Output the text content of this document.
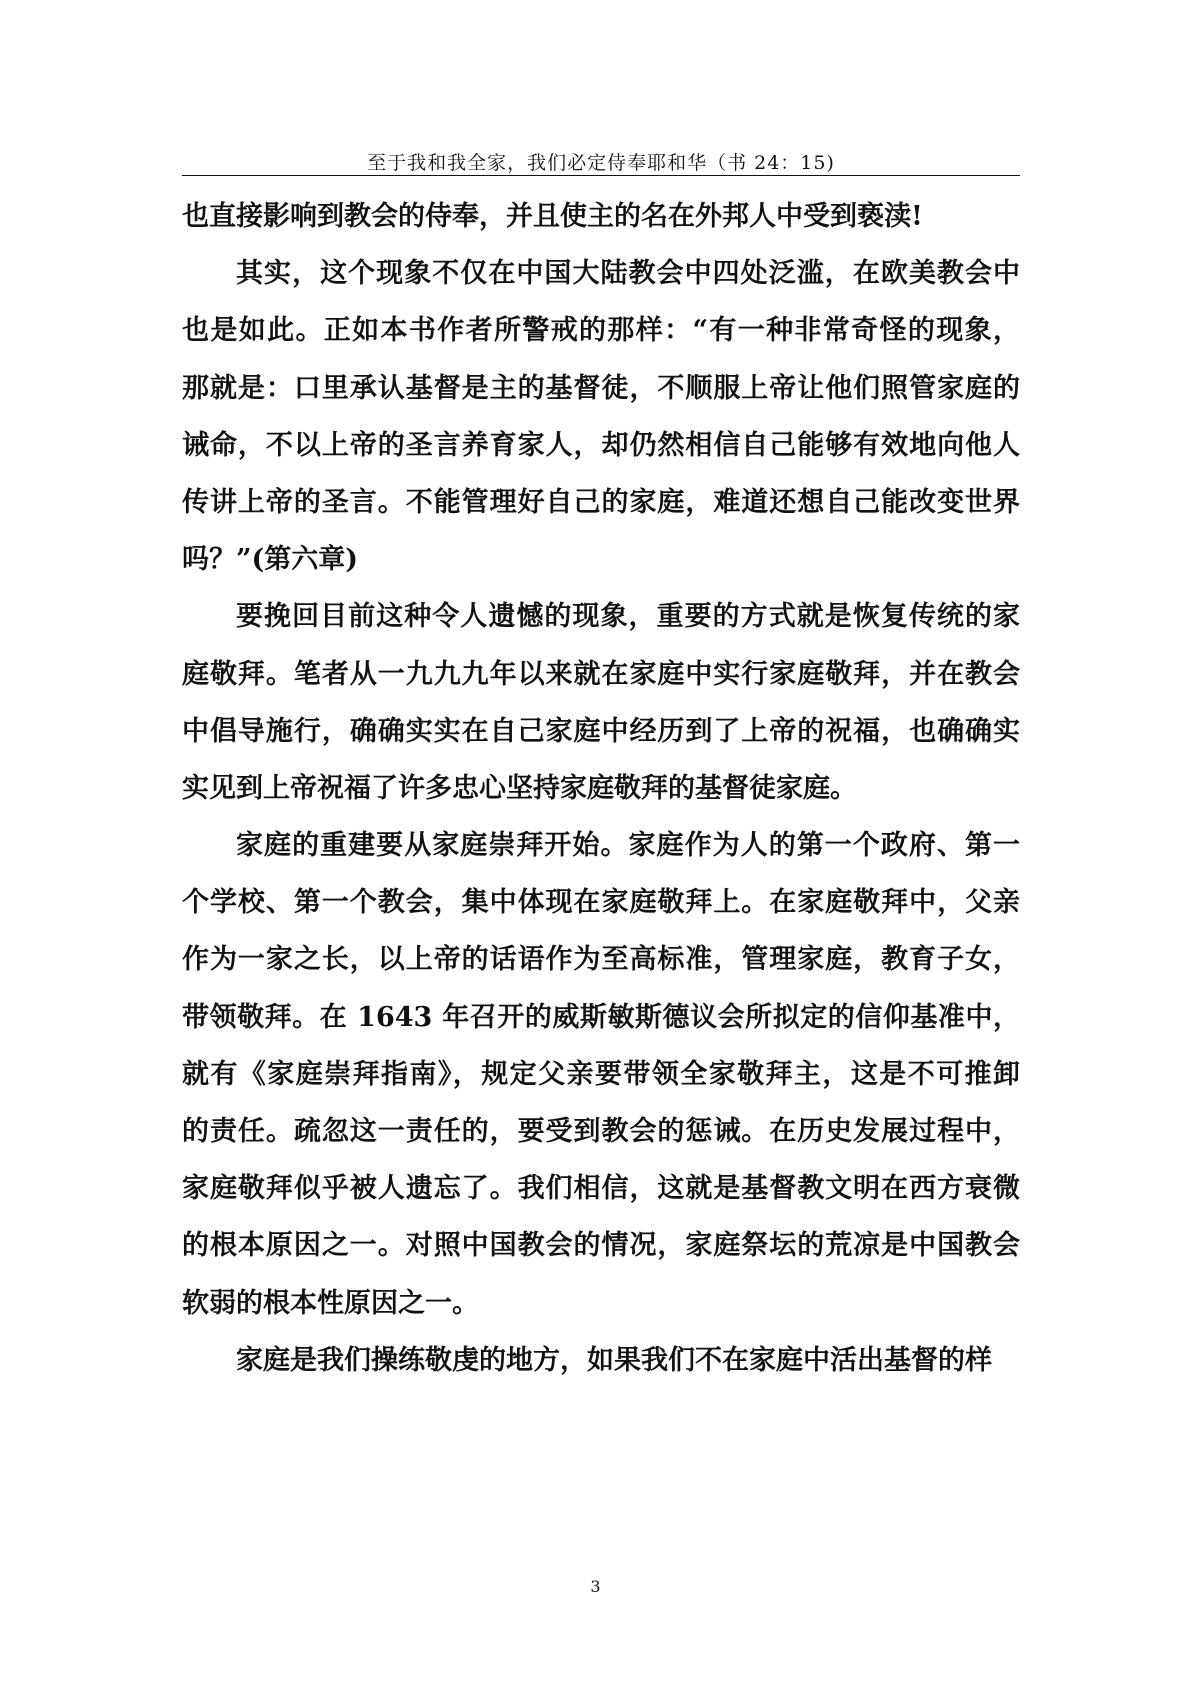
至于我和我全家，我们必定侍奉耶和华（书 24：15)
也直接影响到教会的侍奉，并且使主的名在外邦人中受到亵渎!
其实，这个现象不仅在中国大陆教会中四处泛滥，在欧美教会中
也是如此。正如本书作者所警戒的那样：“有一种非常奇怪的现象，
那就是：口里承认基督是主的基督徒，不顺服上帝让他们照管家庭的
诫命，不以上帝的圣言养育家人，却仍然相信自己能够有效地向他人
传讲上帝的圣言。不能管理好自己的家庭，难道还想自己能改变世界
吗？”(第六章)
要挽回目前这种令人遗憾的现象，重要的方式就是恢复传统的家
庭敬拜。笔者从一九九九年以来就在家庭中实行家庭敬拜，并在教会
中倡导施行，确确实实在自己家庭中经历到了上帝的祝福，也确确实
实见到上帝祝福了许多忠心坚持家庭敬拜的基督徒家庭。
家庭的重建要从家庭崇拜开始。家庭作为人的第一个政府、第一
个学校、第一个教会，集中体现在家庭敬拜上。在家庭敬拜中，父亲
作为一家之长，以上帝的话语作为至高标准，管理家庭，教育子女，
带领敬拜。在 1643 年召开的威斯敏斯德议会所拟定的信仰基准中，
就有《家庭崇拜指南》，规定父亲要带领全家敬拜主，这是不可推卸
的责任。疏忽这一责任的，要受到教会的惩诫。在历史发展过程中，
家庭敬拜似乎被人遗忘了。我们相信，这就是基督教文明在西方衰微
的根本原因之一。对照中国教会的情况，家庭祭坛的荒凉是中国教会
软弱的根本性原因之一。
家庭是我们操练敬虔的地方，如果我们不在家庭中活出基督的样
3
